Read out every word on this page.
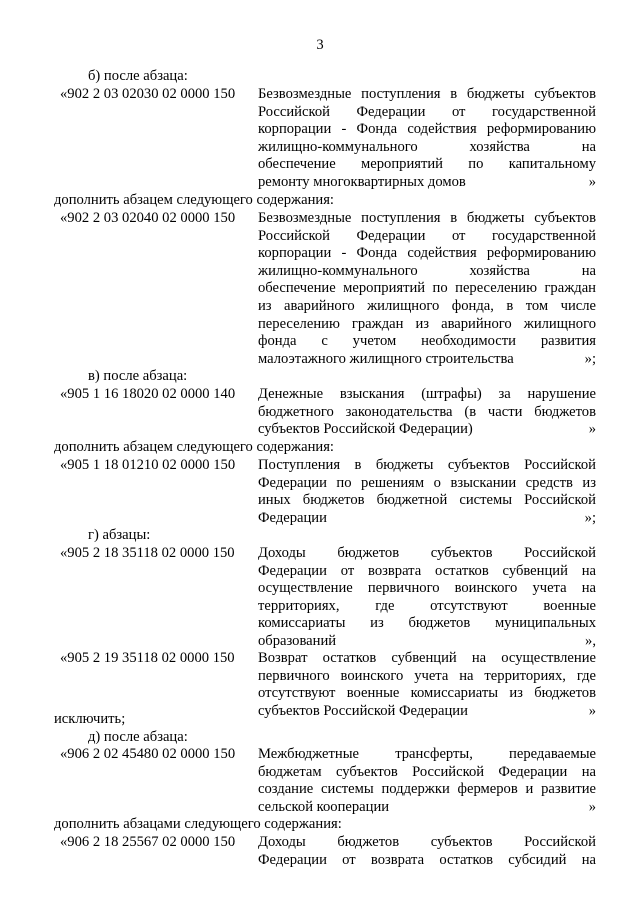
3
б) после абзаца:
«902 2 03 02030 02 0000 150 Безвозмездные поступления в бюджеты субъектов
Российской Федерации от государственной
корпорации - Фонда содействия реформированию
жилищно-коммунального хозяйства на
обеспечение мероприятий по капитальному
ремонту многоквартирных домов	»
дополнить абзацем следующего содержания:
«902 2 03 02040 02 0000 150 Безвозмездные поступления в бюджеты субъектов
Российской Федерации от государственной
корпорации - Фонда содействия реформированию
жилищно-коммунального хозяйства на
обеспечение мероприятий по переселению граждан
из аварийного жилищного фонда, в том числе
переселению граждан из аварийного жилищного
фонда с учетом необходимости развития
малоэтажного жилищного строительства	»;
в) после абзаца:
«905 1 16 18020 02 0000 140 Денежные взыскания (штрафы) за нарушение
бюджетного законодательства (в части бюджетов
субъектов Российской Федерации)	»
дополнить абзацем следующего содержания:
«905 1 18 01210 02 0000 150 Поступления в бюджеты субъектов Российской
Федерации по решениям о взыскании средств из
иных бюджетов бюджетной системы Российской
Федерации	»;
г) абзацы:
«905 2 18 35118 02 0000 150 Доходы бюджетов субъектов Российской
Федерации от возврата остатков субвенций на
осуществление первичного воинского учета на
территориях, где отсутствуют военные
комиссариаты из бюджетов муниципальных
образований	»,
«905 2 19 35118 02 0000 150 Возврат остатков субвенций на осуществление
первичного воинского учета на территориях, где
отсутствуют военные комиссариаты из бюджетов
субъектов Российской Федерации	»
исключить;
д) после абзаца:
«906 2 02 45480 02 0000 150 Межбюджетные трансферты, передаваемые
бюджетам субъектов Российской Федерации на
создание системы поддержки фермеров и развитие
сельской кооперации	»
дополнить абзацами следующего содержания:
«906 2 18 25567 02 0000 150 Доходы бюджетов субъектов Российской
Федерации от возврата остатков субсидий на
